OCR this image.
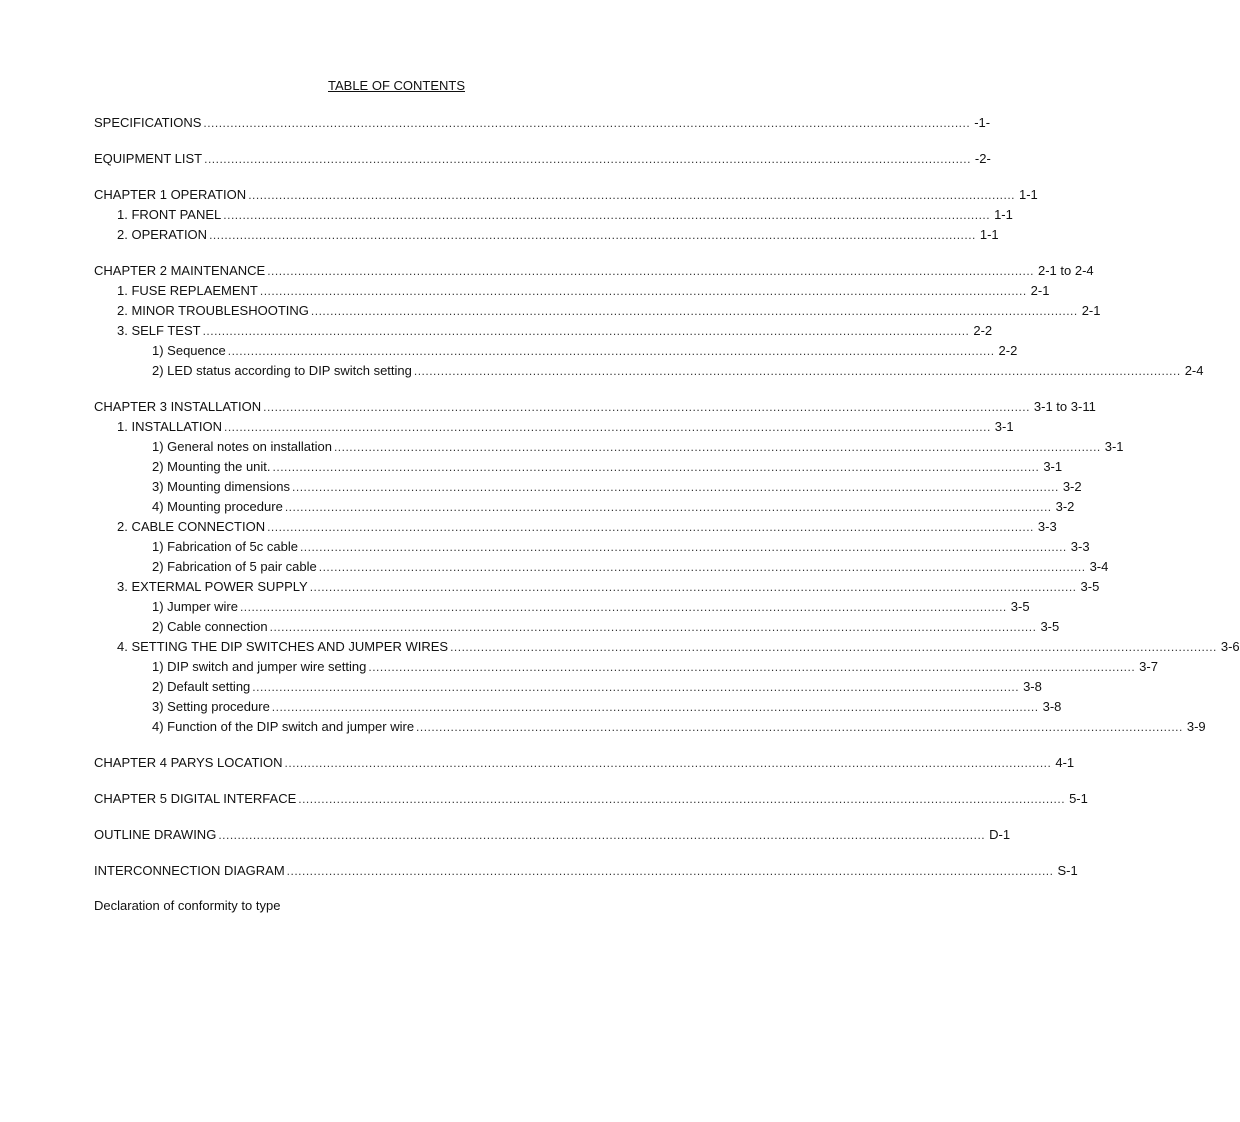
TABLE OF CONTENTS
SPECIFICATIONS ........................................................................................................................................................................................................ -1-
EQUIPMENT LIST ........................................................................................................................................................................................................ -2-
CHAPTER 1 OPERATION ........................................................................................................................................................................................................ 1-1
1. FRONT PANEL ........................................................................................................................................................................................................ 1-1
2. OPERATION ........................................................................................................................................................................................................ 1-1
CHAPTER 2 MAINTENANCE ........................................................................................................................................................................................................ 2-1 to 2-4
1. FUSE REPLAEMENT ........................................................................................................................................................................................................ 2-1
2. MINOR TROUBLESHOOTING ........................................................................................................................................................................................................ 2-1
3. SELF TEST ........................................................................................................................................................................................................ 2-2
1) Sequence ........................................................................................................................................................................................................ 2-2
2) LED status according to DIP switch setting ........................................................................................................................................................................................................ 2-4
CHAPTER 3 INSTALLATION ........................................................................................................................................................................................................ 3-1 to 3-11
1. INSTALLATION ........................................................................................................................................................................................................ 3-1
1) General notes on installation ........................................................................................................................................................................................................ 3-1
2) Mounting the unit. ........................................................................................................................................................................................................ 3-1
3) Mounting dimensions ........................................................................................................................................................................................................ 3-2
4) Mounting procedure ........................................................................................................................................................................................................ 3-2
2. CABLE CONNECTION ........................................................................................................................................................................................................ 3-3
1) Fabrication of 5c cable ........................................................................................................................................................................................................ 3-3
2) Fabrication of 5 pair cable ........................................................................................................................................................................................................ 3-4
3. EXTERMAL POWER SUPPLY ........................................................................................................................................................................................................ 3-5
1) Jumper wire ........................................................................................................................................................................................................ 3-5
2) Cable connection ........................................................................................................................................................................................................ 3-5
4. SETTING THE DIP SWITCHES AND JUMPER WIRES ........................................................................................................................................................................................................ 3-6
1) DIP switch and jumper wire setting ........................................................................................................................................................................................................ 3-7
2) Default setting ........................................................................................................................................................................................................ 3-8
3) Setting procedure ........................................................................................................................................................................................................ 3-8
4) Function of the DIP switch and jumper wire ........................................................................................................................................................................................................ 3-9
CHAPTER 4 PARYS LOCATION ........................................................................................................................................................................................................ 4-1
CHAPTER 5 DIGITAL INTERFACE ........................................................................................................................................................................................................ 5-1
OUTLINE DRAWING ........................................................................................................................................................................................................ D-1
INTERCONNECTION DIAGRAM ........................................................................................................................................................................................................ S-1
Declaration of conformity to type
